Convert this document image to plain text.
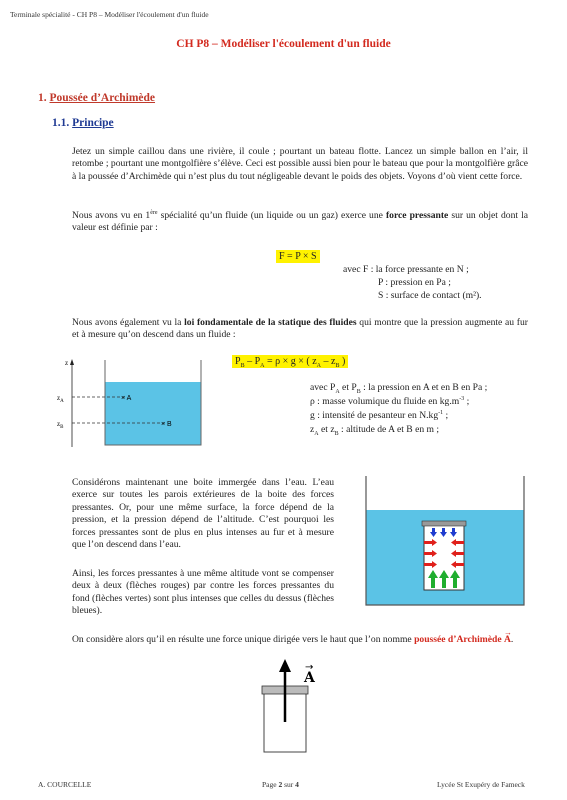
Terminale spécialité - CH P8 – Modéliser l'écoulement d'un fluide
CH P8 – Modéliser l'écoulement d'un fluide
1. Poussée d’Archimède
1.1. Principe
Jetez un simple caillou dans une rivière, il coule ; pourtant un bateau flotte. Lancez un simple ballon en l’air, il retombe ; pourtant une montgolfière s’élève. Ceci est possible aussi bien pour le bateau que pour la montgolfière grâce à la poussée d’Archimède qui n’est plus du tout négligeable devant le poids des objets. Voyons d’où vient cette force.
Nous avons vu en 1ère spécialité qu’un fluide (un liquide ou un gaz) exerce une force pressante sur un objet dont la valeur est définie par :
F = P × S
avec F : la force pressante en N ;
P : pression en Pa ;
S : surface de contact (m²).
Nous avons également vu la loi fondamentale de la statique des fluides qui montre que la pression augmente au fur et à mesure qu’on descend dans un fluide :
$P_B - P_A = \rho \times g$ × ( $z_A - z_B$ )
z
$z_A$
$z_B$
× A
× B
avec $P_A$ et $P_B$ : la pression en A et en B en Pa ;
ρ : masse volumique du fluide en $kg.m^{-3}$ ;
g : intensité de pesanteur en $N.kg^{-1}$ ;
$z_A$ et $z_B$ : altitude de A et B en m ;
Considérons maintenant une boite immergée dans l’eau. L’eau exerce sur toutes les parois extérieures de la boite des forces pressantes. Or, pour une même surface, la force dépend de la pression, et la pression dépend de l’altitude. C’est pourquoi les forces pressantes sont de plus en plus intenses au fur et à mesure que l’on descend dans l’eau.
Ainsi, les forces pressantes à une même altitude vont se compenser deux à deux (flèches rouges) par contre les forces pressantes du fond (flèches vertes) sont plus intenses que celles du dessus (flèches bleues).
On considère alors qu’il en résulte une force unique dirigée vers le haut que l’on nomme poussée d’Archimède
→
A.
A
→
A. COURCELLE	Page 2 sur 4	Lycée St Exupéry de Fameck
